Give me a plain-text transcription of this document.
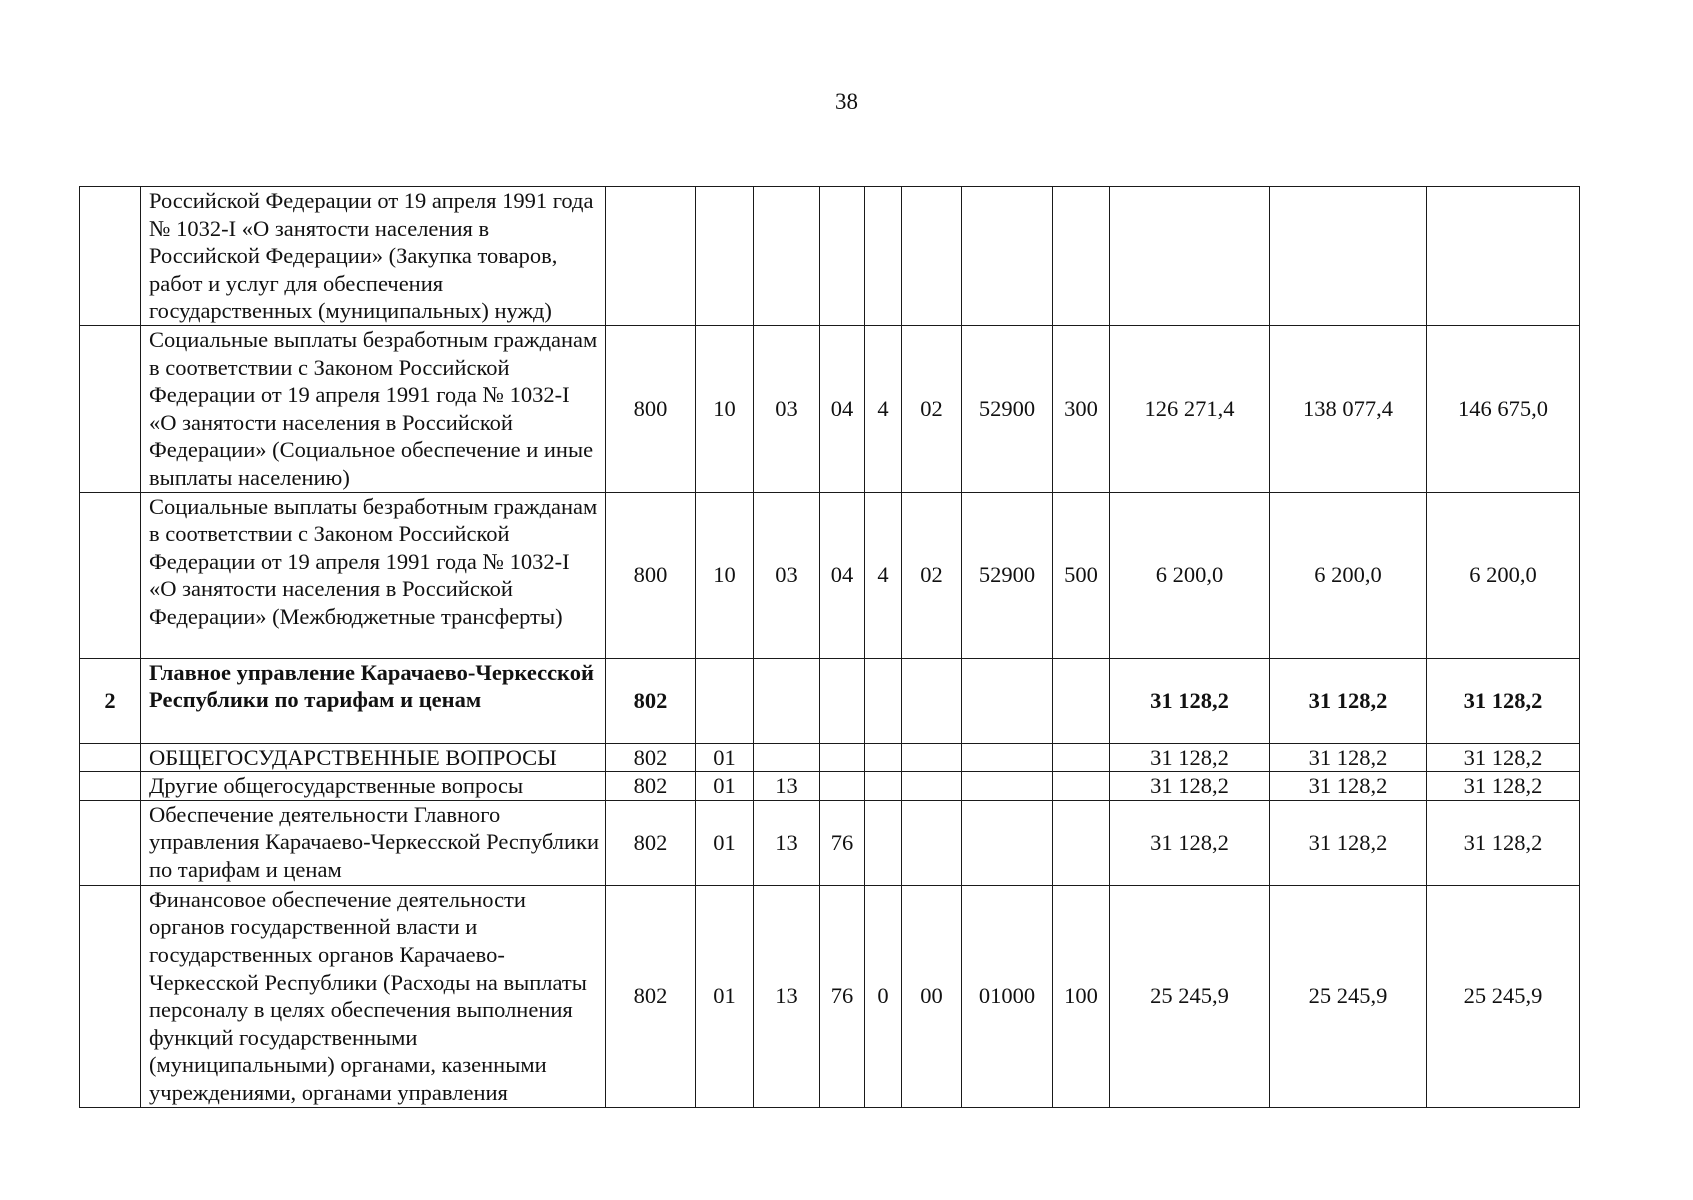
38
	Российской Федерации от 19 апреля 1991 года № 1032-I «О занятости населения в Российской Федерации» (Закупка товаров, работ и услуг для обеспечения государственных (муниципальных) нужд)											
	Социальные выплаты безработным гражданам в соответствии с Законом Российской Федерации от 19 апреля 1991 года № 1032-I «О занятости населения в Российской Федерации» (Социальное обеспечение и иные выплаты населению)	800	10	03	04	4	02	52900	300	126 271,4	138 077,4	146 675,0
	Социальные выплаты безработным гражданам в соответствии с Законом Российской Федерации от 19 апреля 1991 года № 1032-I «О занятости населения в Российской Федерации» (Межбюджетные трансферты)	800	10	03	04	4	02	52900	500	6 200,0	6 200,0	6 200,0
2	Главное управление Карачаево-Черкесской Республики по тарифам и ценам	802								31 128,2	31 128,2	31 128,2
	ОБЩЕГОСУДАРСТВЕННЫЕ ВОПРОСЫ	802	01							31 128,2	31 128,2	31 128,2
	Другие общегосударственные вопросы	802	01	13						31 128,2	31 128,2	31 128,2
	Обеспечение деятельности Главного управления Карачаево-Черкесской Республики по тарифам и ценам	802	01	13	76					31 128,2	31 128,2	31 128,2
	Финансовое обеспечение деятельности органов государственной власти и государственных органов Карачаево-Черкесской Республики (Расходы на выплаты персоналу в целях обеспечения выполнения функций государственными (муниципальными) органами, казенными учреждениями, органами управления	802	01	13	76	0	00	01000	100	25 245,9	25 245,9	25 245,9
